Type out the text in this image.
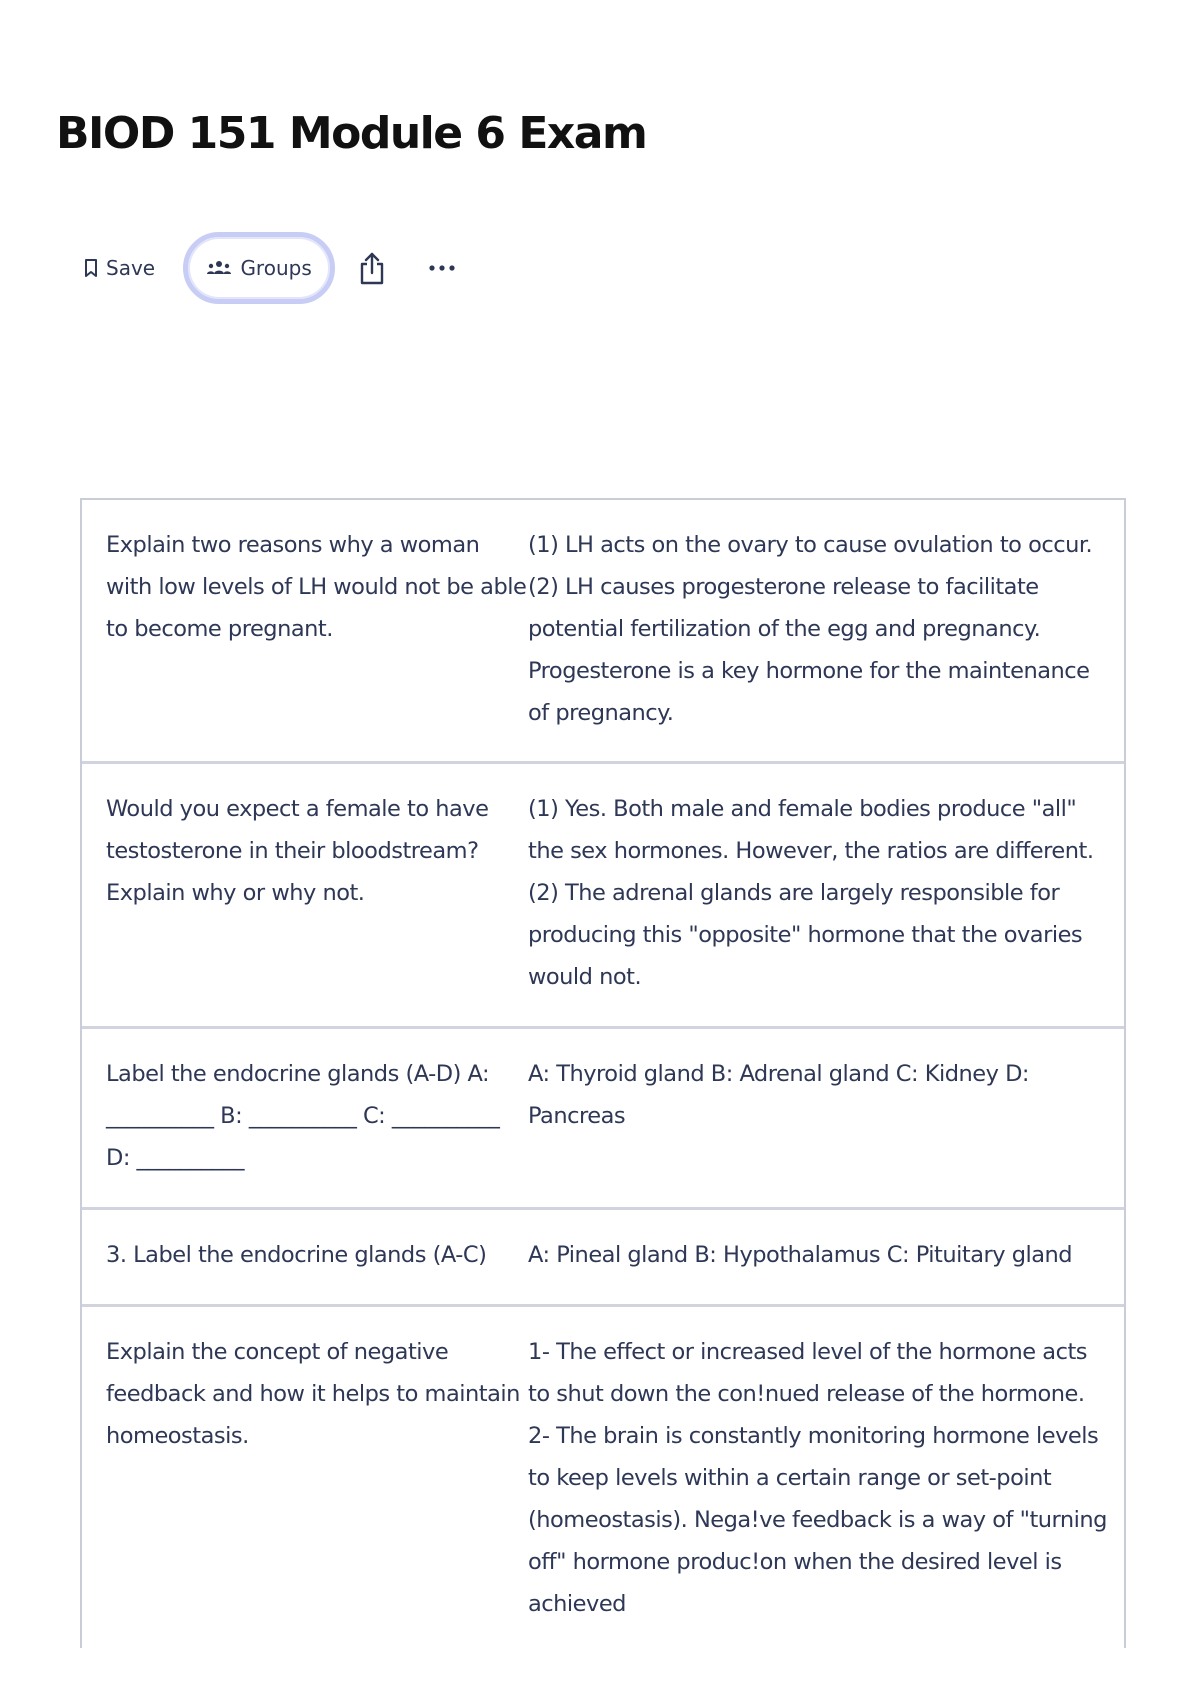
BIOD 151 Module 6 Exam
Save	Groups
Explain two reasons why a woman with low levels of LH would not be able to become pregnant.
(1) LH acts on the ovary to cause ovulation to occur. (2) LH causes progesterone release to facilitate potential fertilization of the egg and pregnancy. Progesterone is a key hormone for the maintenance of pregnancy.
Would you expect a female to have testosterone in their bloodstream? Explain why or why not.
(1) Yes. Both male and female bodies produce "all" the sex hormones. However, the ratios are different. (2) The adrenal glands are largely responsible for producing this "opposite" hormone that the ovaries would not.
Label the endocrine glands (A-D) A: __________ B: __________ C: __________ D: __________
A: Thyroid gland B: Adrenal gland C: Kidney D: Pancreas
3. Label the endocrine glands (A-C)	A: Pineal gland B: Hypothalamus C: Pituitary gland
Explain the concept of negative feedback and how it helps to maintain homeostasis.
1- The effect or increased level of the hormone acts to shut down the con!nued release of the hormone. 2- The brain is constantly monitoring hormone levels to keep levels within a certain range or set-point (homeostasis). Nega!ve feedback is a way of "turning off" hormone produc!on when the desired level is achieved
